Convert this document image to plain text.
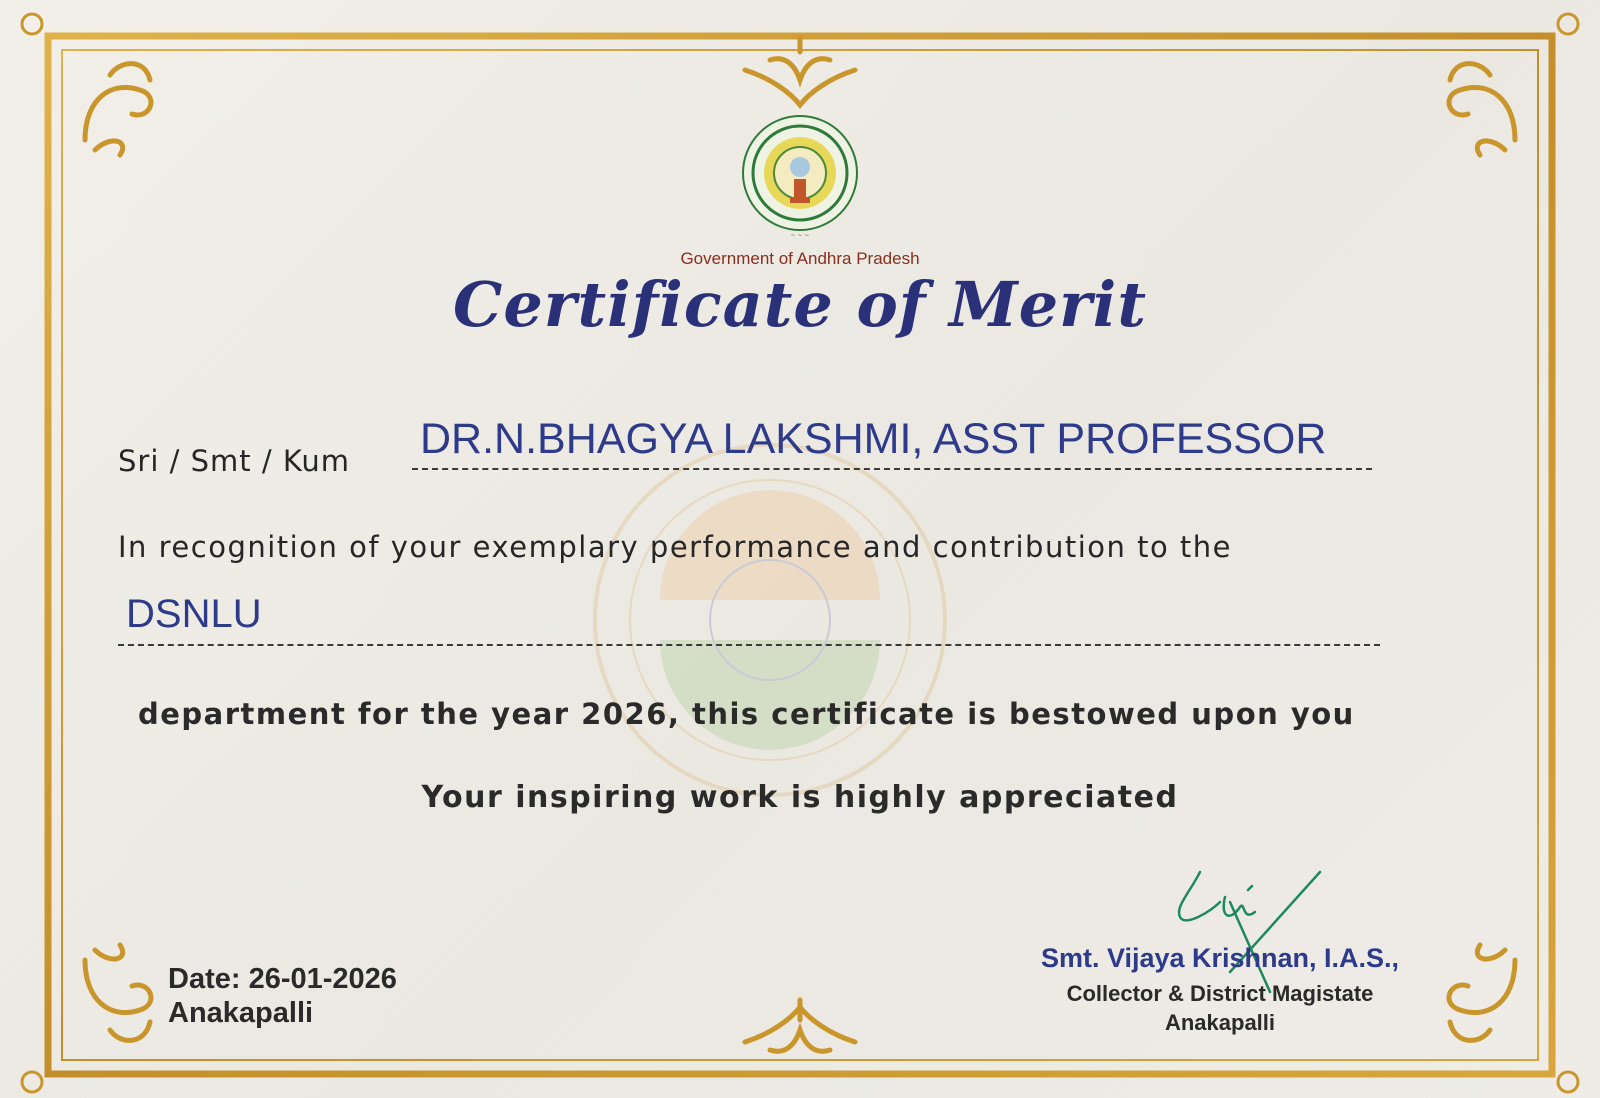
~ ~ ~
Government of Andhra Pradesh
Certificate of Merit
Sri / Smt / Kum DR.N.BHAGYA LAKSHMI, ASST PROFESSOR
In recognition of your exemplary performance and contribution to the
DSNLU
department for the year 2026, this certificate is bestowed upon you
Your inspiring work is highly appreciated
Date: 26-01-2026
Anakapalli
Smt. Vijaya Krishnan, I.A.S.,
Collector & District Magistate
Anakapalli
